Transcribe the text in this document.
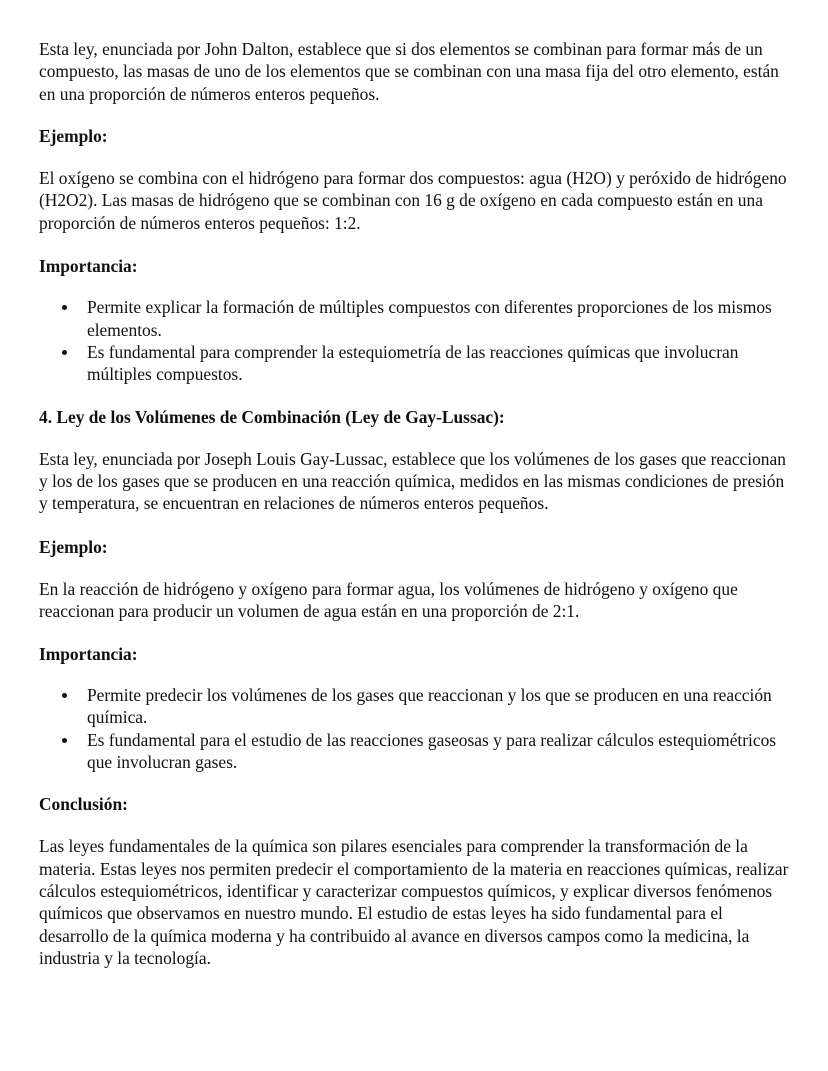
Esta ley, enunciada por John Dalton, establece que si dos elementos se combinan para formar más de un compuesto, las masas de uno de los elementos que se combinan con una masa fija del otro elemento, están en una proporción de números enteros pequeños.

Ejemplo:

El oxígeno se combina con el hidrógeno para formar dos compuestos: agua (H2O) y peróxido de hidrógeno (H2O2). Las masas de hidrógeno que se combinan con 16 g de oxígeno en cada compuesto están en una proporción de números enteros pequeños: 1:2.

Importancia:

Permite explicar la formación de múltiples compuestos con diferentes proporciones de los mismos elementos.
Es fundamental para comprender la estequiometría de las reacciones químicas que involucran múltiples compuestos.

4. Ley de los Volúmenes de Combinación (Ley de Gay-Lussac):

Esta ley, enunciada por Joseph Louis Gay-Lussac, establece que los volúmenes de los gases que reaccionan y los de los gases que se producen en una reacción química, medidos en las mismas condiciones de presión y temperatura, se encuentran en relaciones de números enteros pequeños.

Ejemplo:

En la reacción de hidrógeno y oxígeno para formar agua, los volúmenes de hidrógeno y oxígeno que reaccionan para producir un volumen de agua están en una proporción de 2:1.

Importancia:

Permite predecir los volúmenes de los gases que reaccionan y los que se producen en una reacción química.
Es fundamental para el estudio de las reacciones gaseosas y para realizar cálculos estequiométricos que involucran gases.

Conclusión:

Las leyes fundamentales de la química son pilares esenciales para comprender la transformación de la materia. Estas leyes nos permiten predecir el comportamiento de la materia en reacciones químicas, realizar cálculos estequiométricos, identificar y caracterizar compuestos químicos, y explicar diversos fenómenos químicos que observamos en nuestro mundo. El estudio de estas leyes ha sido fundamental para el desarrollo de la química moderna y ha contribuido al avance en diversos campos como la medicina, la industria y la tecnología.
